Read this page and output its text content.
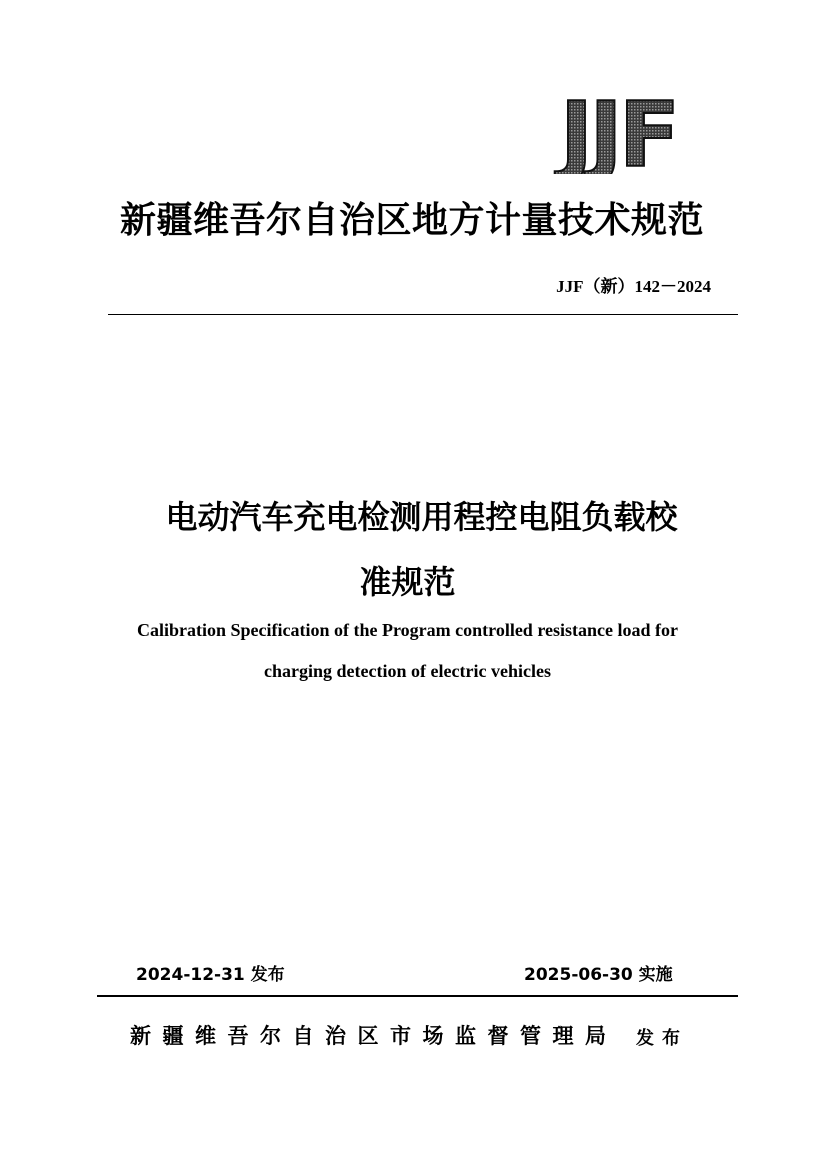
JJF
新疆维吾尔自治区地方计量技术规范
JJF（新）142－2024
电动汽车充电检测用程控电阻负载校
准规范
Calibration Specification of the Program controlled resistance load for
charging detection of electric vehicles
2024-12-31 发布	2025-06-30 实施
新疆维吾尔自治区市场监督管理局 发布
